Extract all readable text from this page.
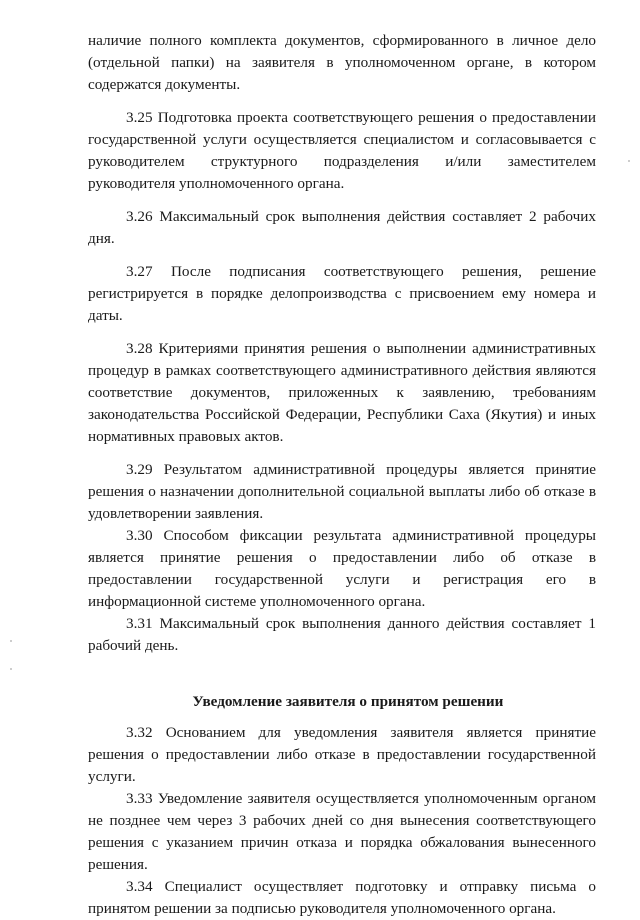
наличие полного комплекта документов, сформированного в личное дело (отдельной папки) на заявителя в уполномоченном органе, в котором содержатся документы.

3.25 Подготовка проекта соответствующего решения о предоставлении государственной услуги осуществляется специалистом и согласовывается с руководителем структурного подразделения и/или заместителем руководителя уполномоченного органа.

3.26 Максимальный срок выполнения действия составляет 2 рабочих дня.

3.27 После подписания соответствующего решения, решение регистрируется в порядке делопроизводства с присвоением ему номера и даты.

3.28 Критериями принятия решения о выполнении административных процедур в рамках соответствующего административного действия являются соответствие документов, приложенных к заявлению, требованиям законодательства Российской Федерации, Республики Саха (Якутия) и иных нормативных правовых актов.

3.29 Результатом административной процедуры является принятие решения о назначении дополнительной социальной выплаты либо об отказе в удовлетворении заявления.

3.30 Способом фиксации результата административной процедуры является принятие решения о предоставлении либо об отказе в предоставлении государственной услуги и регистрация его в информационной системе уполномоченного органа.

3.31 Максимальный срок выполнения данного действия составляет 1 рабочий день.

Уведомление заявителя о принятом решении

3.32 Основанием для уведомления заявителя является принятие решения о предоставлении либо отказе в предоставлении государственной услуги.

3.33 Уведомление заявителя осуществляется уполномоченным органом не позднее чем через 3 рабочих дней со дня вынесения соответствующего решения с указанием причин отказа и порядка обжалования вынесенного решения.

3.34 Специалист осуществляет подготовку и отправку письма о принятом решении за подписью руководителя уполномоченного органа.
